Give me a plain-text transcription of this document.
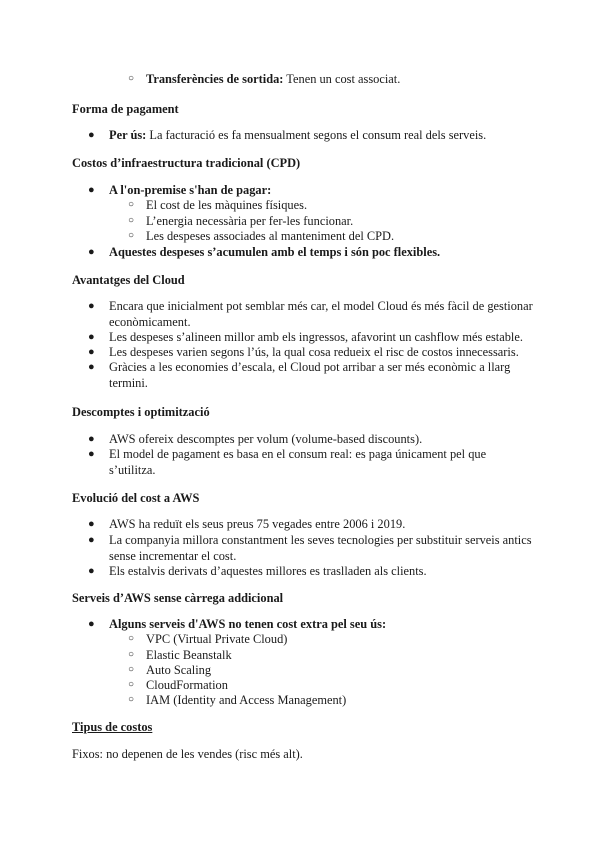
○ Transferències de sortida: Tenen un cost associat.
Forma de pagament
● Per ús: La facturació es fa mensualment segons el consum real dels serveis.
Costos d’infraestructura tradicional (CPD)
● A l'on-premise s'han de pagar:
○ El cost de les màquines físiques.
○ L’energia necessària per fer-les funcionar.
○ Les despeses associades al manteniment del CPD.
● Aquestes despeses s’acumulen amb el temps i són poc flexibles.
Avantatges del Cloud
● Encara que inicialment pot semblar més car, el model Cloud és més fàcil de gestionar econòmicament.
● Les despeses s’alineen millor amb els ingressos, afavorint un cashflow més estable.
● Les despeses varien segons l’ús, la qual cosa redueix el risc de costos innecessaris.
● Gràcies a les economies d’escala, el Cloud pot arribar a ser més econòmic a llarg termini.
Descomptes i optimització
● AWS ofereix descomptes per volum (volume-based discounts).
● El model de pagament es basa en el consum real: es paga únicament pel que s’utilitza.
Evolució del cost a AWS
● AWS ha reduït els seus preus 75 vegades entre 2006 i 2019.
● La companyia millora constantment les seves tecnologies per substituir serveis antics sense incrementar el cost.
● Els estalvis derivats d’aquestes millores es traslladen als clients.
Serveis d’AWS sense càrrega addicional
● Alguns serveis d'AWS no tenen cost extra pel seu ús:
○ VPC (Virtual Private Cloud)
○ Elastic Beanstalk
○ Auto Scaling
○ CloudFormation
○ IAM (Identity and Access Management)
Tipus de costos
Fixos: no depenen de les vendes (risc més alt).
